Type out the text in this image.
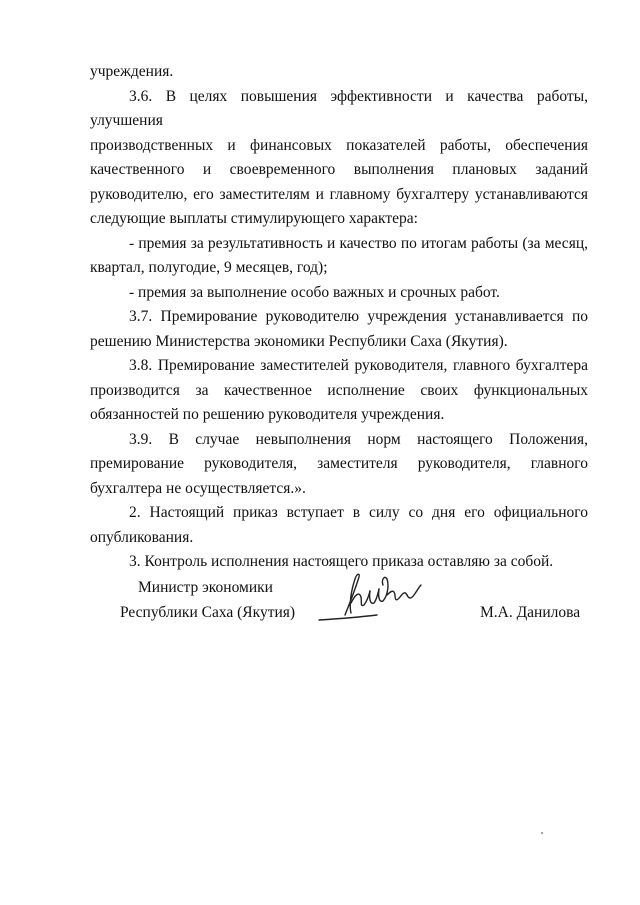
учреждения.

3.6. В целях повышения эффективности и качества работы, улучшения
производственных и финансовых показателей работы, обеспечения
качественного и своевременного выполнения плановых заданий
руководителю, его заместителям и главному бухгалтеру устанавливаются
следующие выплаты стимулирующего характера:

- премия за результативность и качество по итогам работы (за месяц,
квартал, полугодие, 9 месяцев, год);

- премия за выполнение особо важных и срочных работ.

3.7. Премирование руководителю учреждения устанавливается по
решению Министерства экономики Республики Саха (Якутия).

3.8. Премирование заместителей руководителя, главного бухгалтера
производится за качественное исполнение своих функциональных
обязанностей по решению руководителя учреждения.

3.9. В случае невыполнения норм настоящего Положения,
премирование руководителя, заместителя руководителя, главного
бухгалтера не осуществляется.».

2. Настоящий приказ вступает в силу со дня его официального
опубликования.

3. Контроль исполнения настоящего приказа оставляю за собой.

Министр экономики
Республики Саха (Якутия)	М.А. Данилова
